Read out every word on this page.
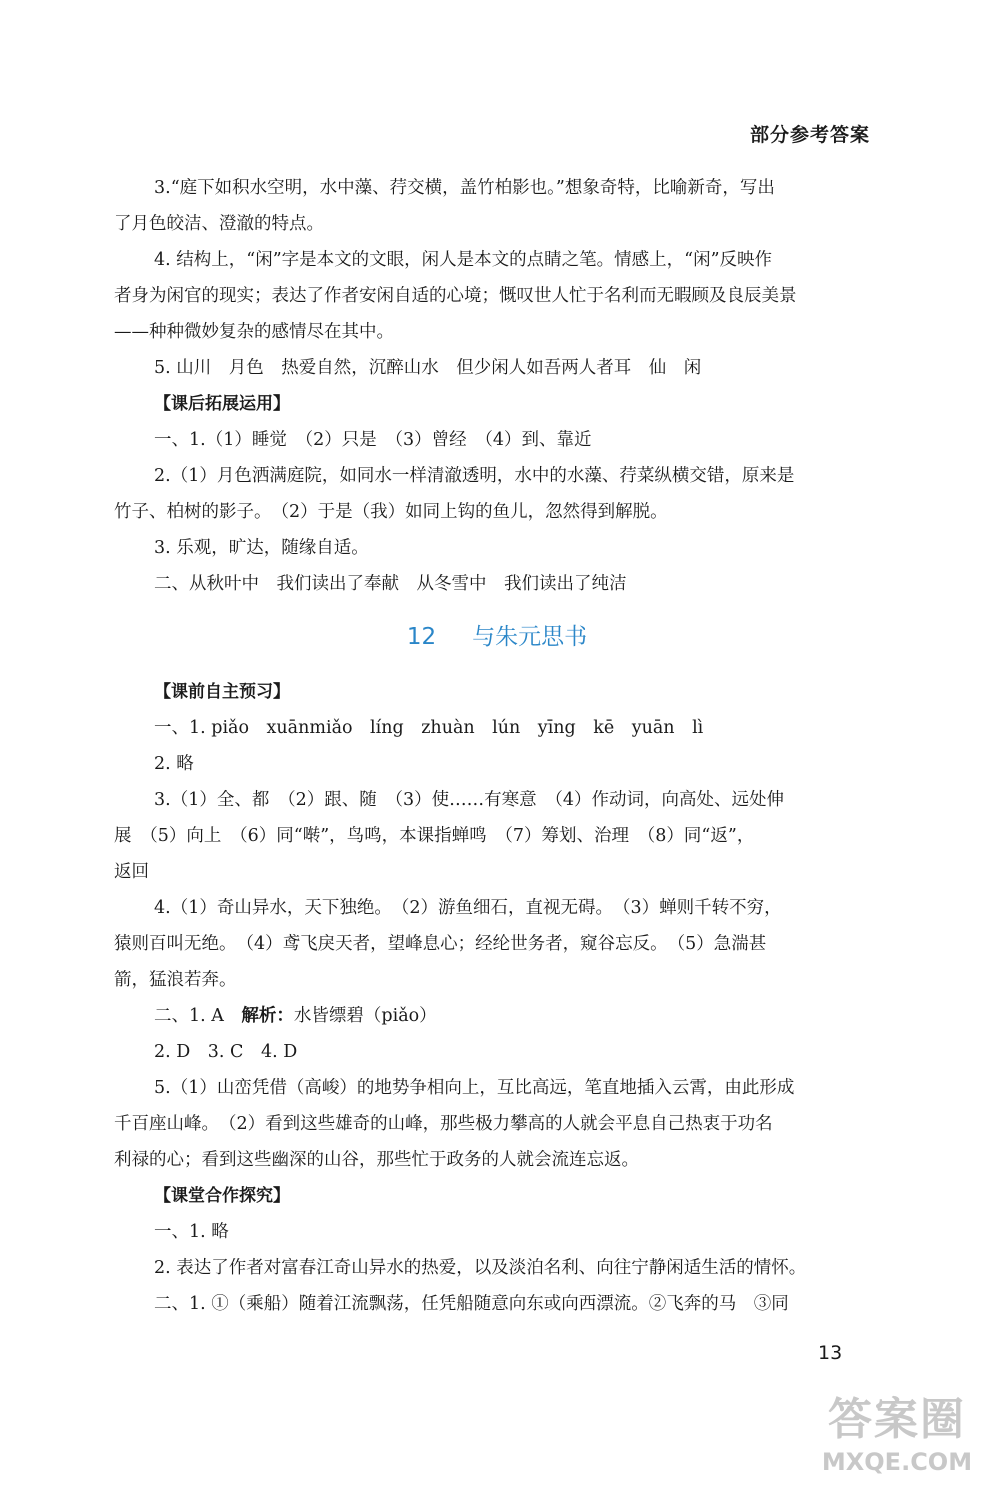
部分参考答案
3.“庭下如积水空明，水中藻、荇交横，盖竹柏影也。”想象奇特，比喻新奇，写出
了月色皎洁、澄澈的特点。
4. 结构上，“闲”字是本文的文眼，闲人是本文的点睛之笔。情感上，“闲”反映作
者身为闲官的现实；表达了作者安闲自适的心境；慨叹世人忙于名利而无暇顾及良辰美景
——种种微妙复杂的感情尽在其中。
5. 山川　月色　热爱自然，沉醉山水　但少闲人如吾两人者耳　仙　闲
【课后拓展运用】
一、1.（1）睡觉　（2）只是　（3）曾经　（4）到、靠近
2.（1）月色洒满庭院，如同水一样清澈透明，水中的水藻、荇菜纵横交错，原来是
竹子、柏树的影子。　（2）于是（我）如同上钩的鱼儿，忽然得到解脱。
3. 乐观，旷达，随缘自适。
二、从秋叶中　我们读出了奉献　从冬雪中　我们读出了纯洁
12 与朱元思书
【课前自主预习】
一、1. piǎo　xuānmiǎo　líng　zhuàn　lún　yīng　kē　yuān　lì
2. 略
3.（1）全、都　（2）跟、随　（3）使……有寒意　（4）作动词，向高处、远处伸
展　（5）向上　（6）同“啭”，鸟鸣，本课指蝉鸣　（7）筹划、治理　（8）同“返”，
返回
4.（1）奇山异水，天下独绝。　（2）游鱼细石，直视无碍。　（3）蝉则千转不穷，
猿则百叫无绝。　（4）鸢飞戾天者，望峰息心；经纶世务者，窥谷忘反。　（5）急湍甚
箭，猛浪若奔。
二、1. A　解析：水皆缥碧（piǎo）
2. D　3. C　4. D
5.（1）山峦凭借（高峻）的地势争相向上，互比高远，笔直地插入云霄，由此形成
千百座山峰。　（2）看到这些雄奇的山峰，那些极力攀高的人就会平息自己热衷于功名
利禄的心；看到这些幽深的山谷，那些忙于政务的人就会流连忘返。
【课堂合作探究】
一、1. 略
2. 表达了作者对富春江奇山异水的热爱，以及淡泊名利、向往宁静闲适生活的情怀。
二、1. ①（乘船）随着江流飘荡，任凭船随意向东或向西漂流。②飞奔的马　③同
13
答案圈
MXQE.COM
